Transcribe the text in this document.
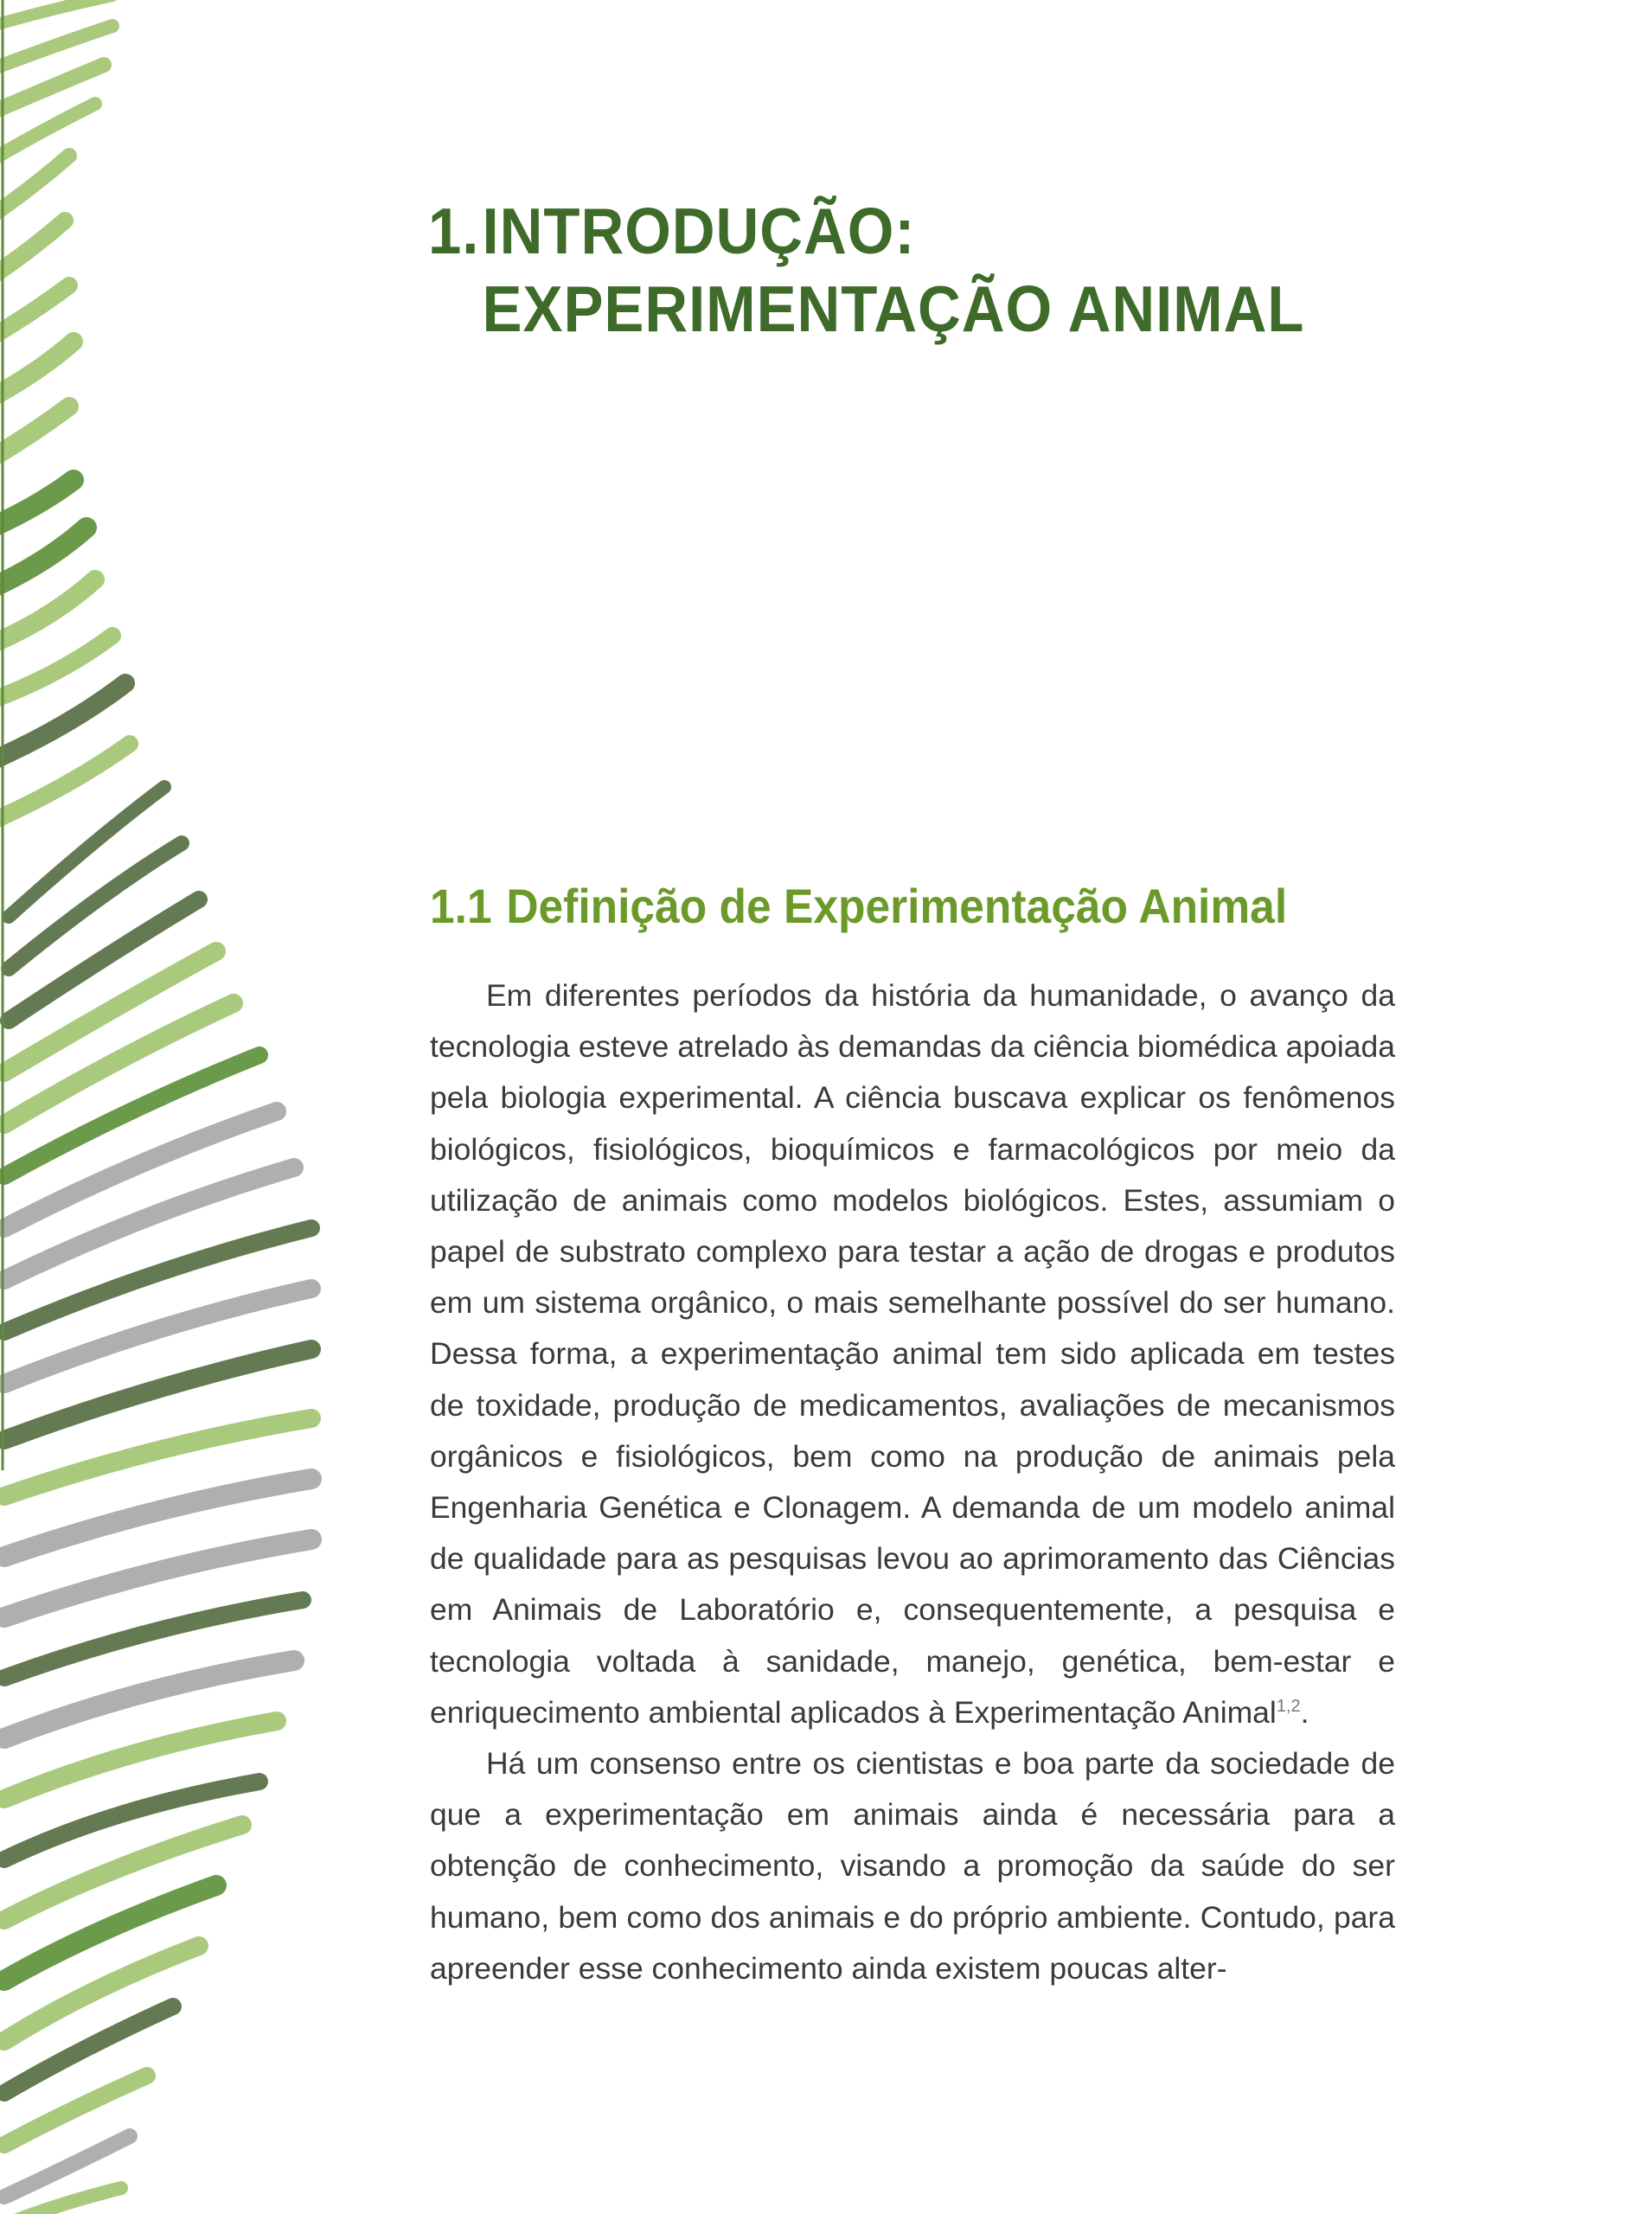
1.INTRODUÇÃO:
EXPERIMENTAÇÃO ANIMAL
1.1 Definição de Experimentação Animal

Em diferentes períodos da história da humanidade, o avanço da tecnologia esteve atrelado às demandas da ciência biomédica apoiada pela biologia experimental. A ciência buscava explicar os fenômenos biológicos, fisiológicos, bioquímicos e farmacológicos por meio da utilização de animais como modelos biológicos. Estes, assumiam o papel de substrato complexo para testar a ação de drogas e produtos em um sistema orgânico, o mais semelhante possível do ser humano. Dessa forma, a experimentação animal tem sido aplicada em testes de toxidade, produção de medicamentos, avaliações de mecanismos orgânicos e fisiológicos, bem como na produção de animais pela Engenharia Genética e Clonagem. A demanda de um modelo animal de qualidade para as pesquisas levou ao aprimoramento das Ciências em Animais de Laboratório e, consequentemente, a pesquisa e tecnologia voltada à sanidade, manejo, genética, bem-estar e enriquecimento ambiental aplicados à Experimentação Animal$^{1,2}$.

Há um consenso entre os cientistas e boa parte da sociedade de que a experimentação em animais ainda é necessária para a obtenção de conhecimento, visando a promoção da saúde do ser humano, bem como dos animais e do próprio ambiente. Contudo, para apreender esse conhecimento ainda existem poucas alter-
